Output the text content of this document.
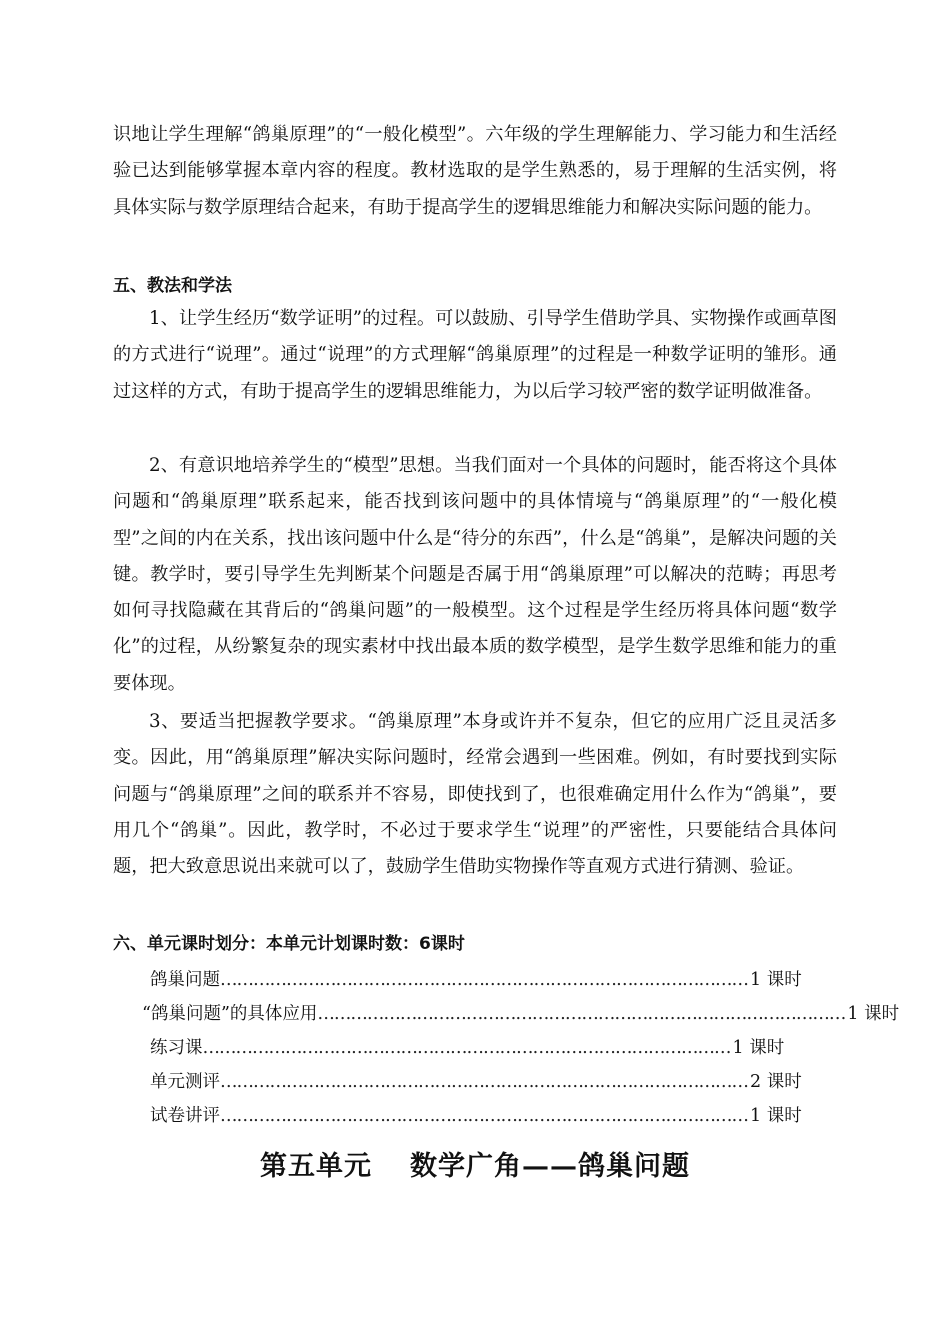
识地让学生理解“鸽巢原理”的“一般化模型”。六年级的学生理解能力、学习能力和生活经验已达到能够掌握本章内容的程度。教材选取的是学生熟悉的，易于理解的生活实例，将具体实际与数学原理结合起来，有助于提高学生的逻辑思维能力和解决实际问题的能力。

五、教法和学法

1、让学生经历“数学证明”的过程。可以鼓励、引导学生借助学具、实物操作或画草图的方式进行“说理”。通过“说理”的方式理解“鸽巢原理”的过程是一种数学证明的雏形。通过这样的方式，有助于提高学生的逻辑思维能力，为以后学习较严密的数学证明做准备。

2、有意识地培养学生的“模型”思想。当我们面对一个具体的问题时，能否将这个具体问题和“鸽巢原理”联系起来，能否找到该问题中的具体情境与“鸽巢原理”的“一般化模型”之间的内在关系，找出该问题中什么是“待分的东西”，什么是“鸽巢”，是解决问题的关键。教学时，要引导学生先判断某个问题是否属于用“鸽巢原理”可以解决的范畴；再思考如何寻找隐藏在其背后的“鸽巢问题”的一般模型。这个过程是学生经历将具体问题“数学化”的过程，从纷繁复杂的现实素材中找出最本质的数学模型，是学生数学思维和能力的重要体现。

3、要适当把握教学要求。“鸽巢原理”本身或许并不复杂，但它的应用广泛且灵活多变。因此，用“鸽巢原理”解决实际问题时，经常会遇到一些困难。例如，有时要找到实际问题与“鸽巢原理”之间的联系并不容易，即使找到了，也很难确定用什么作为“鸽巢”，要用几个“鸽巢”。因此，教学时，不必过于要求学生“说理”的严密性，只要能结合具体问题，把大致意思说出来就可以了，鼓励学生借助实物操作等直观方式进行猜测、验证。

六、单元课时划分：本单元计划课时数：6课时
鸽巢问题 …………………………………………………………………………………… 1 课时
“鸽巢问题”的具体应用 …………………………………………………………………………………… 1 课时
练习课 …………………………………………………………………………………… 1 课时
单元测评 …………………………………………………………………………………… 2 课时
试卷讲评 …………………………………………………………………………………… 1 课时
第五单元 数学广角——鸽巢问题
